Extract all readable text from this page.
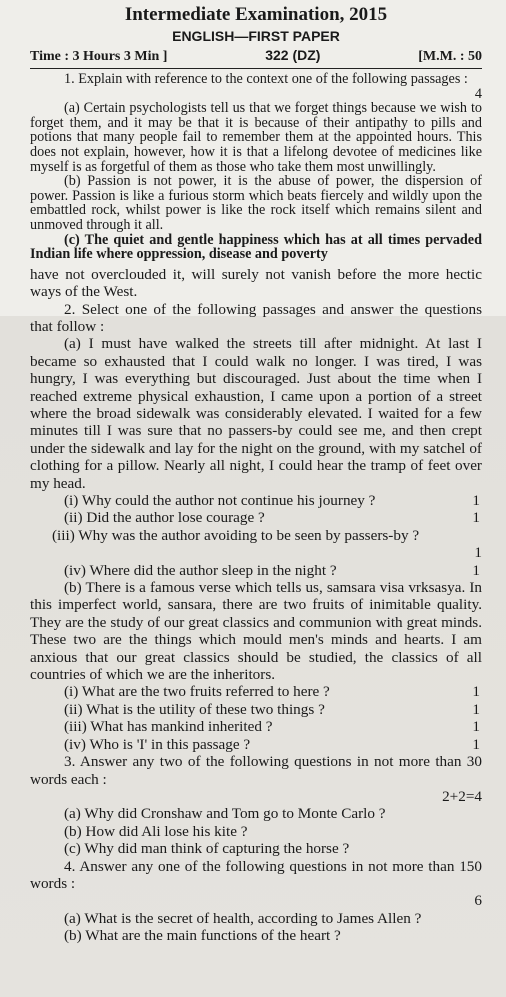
Intermediate Examination, 2015
ENGLISH—FIRST PAPER
Time : 3 Hours 3 Min ]	322 (DZ)	[M.M. : 50

1. Explain with reference to the context one of the following passages :
4

(a) Certain psychologists tell us that we forget things because we wish to forget them, and it may be that it is because of their antipathy to pills and potions that many people fail to remember them at the appointed hours. This does not explain, however, how it is that a lifelong devotee of medicines like myself is as forgetful of them as those who take them most unwillingly.

(b) Passion is not power, it is the abuse of power, the dispersion of power. Passion is like a furious storm which beats fiercely and wildly upon the embattled rock, whilst power is like the rock itself which remains silent and unmoved through it all.

(c) The quiet and gentle happiness which has at all times pervaded Indian life where oppression, disease and poverty

have not overclouded it, will surely not vanish before the more hectic ways of the West.

2. Select one of the following passages and answer the questions that follow :

(a) I must have walked the streets till after midnight. At last I became so exhausted that I could walk no longer. I was tired, I was hungry, I was everything but discouraged. Just about the time when I reached extreme physical exhaustion, I came upon a portion of a street where the broad sidewalk was considerably elevated. I waited for a few minutes till I was sure that no passers-by could see me, and then crept under the sidewalk and lay for the night on the ground, with my satchel of clothing for a pillow. Nearly all night, I could hear the tramp of feet over my head.

(i) Why could the author not continue his journey ?	1
(ii) Did the author lose courage ?	1

(iii) Why was the author avoiding to be seen by passers-by ?
1

(iv) Where did the author sleep in the night ?	1

(b) There is a famous verse which tells us, samsara visa vrksasya. In this imperfect world, sansara, there are two fruits of inimitable quality. They are the study of our great classics and communion with great minds. These two are the things which mould men's minds and hearts. I am anxious that our great classics should be studied, the classics of all countries of which we are the inheritors.

(i) What are the two fruits referred to here ?	1
(ii) What is the utility of these two things ?	1
(iii) What has mankind inherited ?	1
(iv) Who is 'I' in this passage ?	1

3. Answer any two of the following questions in not more than 30 words each :
2+2=4

(a) Why did Cronshaw and Tom go to Monte Carlo ?
(b) How did Ali lose his kite ?
(c) Why did man think of capturing the horse ?

4. Answer any one of the following questions in not more than 150 words :
6

(a) What is the secret of health, according to James Allen ?
(b) What are the main functions of the heart ?
